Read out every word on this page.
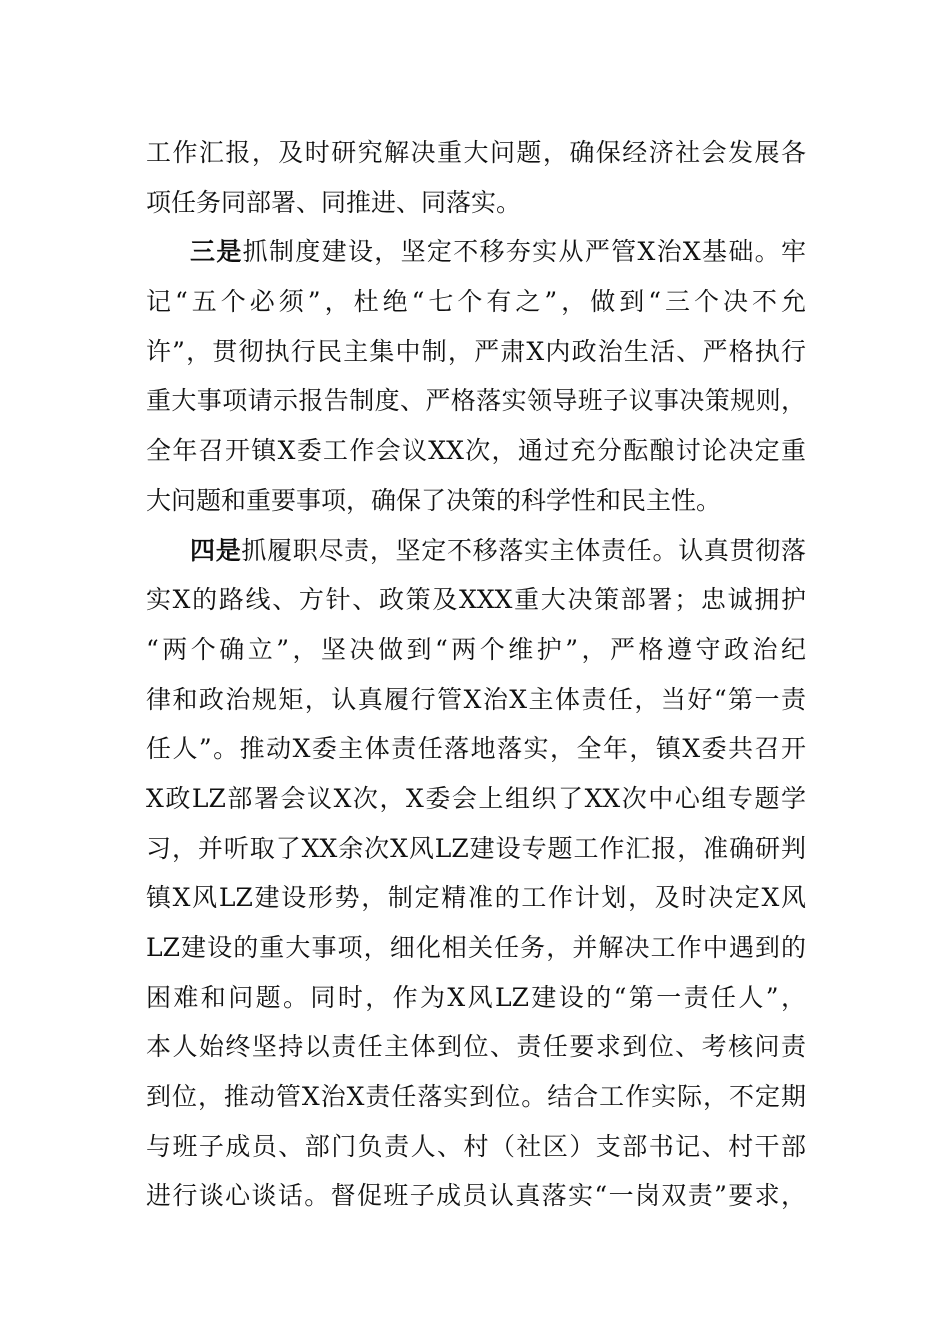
工作汇报，及时研究解决重大问题，确保经济社会发展各
项任务同部署、同推进、同落实。
三是抓制度建设，坚定不移夯实从严管X治X基础。牢
记“五个必须”，杜绝“七个有之”，做到“三个决不允
许”，贯彻执行民主集中制，严肃X内政治生活、严格执行
重大事项请示报告制度、严格落实领导班子议事决策规则，
全年召开镇X委工作会议XX次，通过充分酝酿讨论决定重
大问题和重要事项，确保了决策的科学性和民主性。
四是抓履职尽责，坚定不移落实主体责任。认真贯彻落
实X的路线、方针、政策及XXX重大决策部署；忠诚拥护
“两个确立”，坚决做到“两个维护”，严格遵守政治纪
律和政治规矩，认真履行管X治X主体责任，当好“第一责
任人”。推动X委主体责任落地落实，全年，镇X委共召开
X政LZ部署会议X次，X委会上组织了XX次中心组专题学
习，并听取了XX余次X风LZ建设专题工作汇报，准确研判
镇X风LZ建设形势，制定精准的工作计划，及时决定X风
LZ建设的重大事项，细化相关任务，并解决工作中遇到的
困难和问题。同时，作为X风LZ建设的“第一责任人”，
本人始终坚持以责任主体到位、责任要求到位、考核问责
到位，推动管X治X责任落实到位。结合工作实际，不定期
与班子成员、部门负责人、村（社区）支部书记、村干部
进行谈心谈话。督促班子成员认真落实“一岗双责”要求，
